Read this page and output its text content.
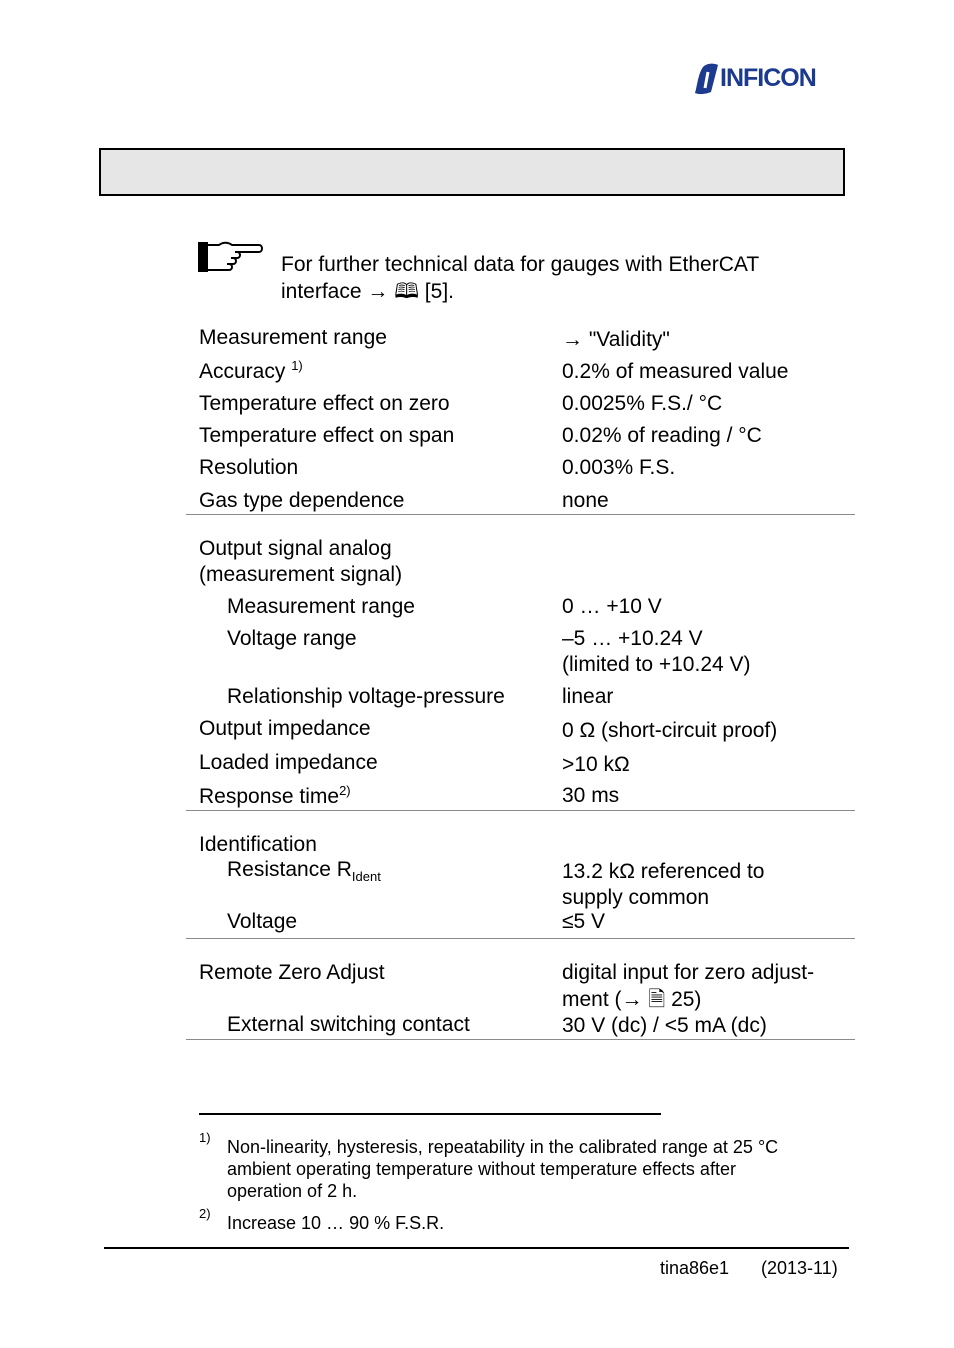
INFICON
For further technical data for gauges with EtherCAT
interface → 🕮 [5].
Measurement range	→ "Validity"
Accuracy $^{1)}$	0.2% of measured value
Temperature effect on zero	0.0025% F.S./ °C
Temperature effect on span	0.02% of reading / °C
Resolution	0.003% F.S.
Gas type dependence	none
Output signal analog
(measurement signal)
Measurement range	0 … +10 V
Voltage range	–5 … +10.24 V
(limited to +10.24 V)
Relationship voltage-pressure	linear
Output impedance	0 Ω (short-circuit proof)
Loaded impedance	>10 kΩ
Response time$^{2)}$	30 ms
Identification
Resistance $R_{Ident}$	13.2 kΩ referenced to
supply common
Voltage	≤5 V
Remote Zero Adjust	digital input for zero adjust-
ment (→ 🗎 25)
External switching contact	30 V (dc) / <5 mA (dc)
1) Non-linearity, hysteresis, repeatability in the calibrated range at 25 °C
ambient operating temperature without temperature effects after
operation of 2 h.
2) Increase 10 … 90 % F.S.R.
tina86e1 (2013-11)
